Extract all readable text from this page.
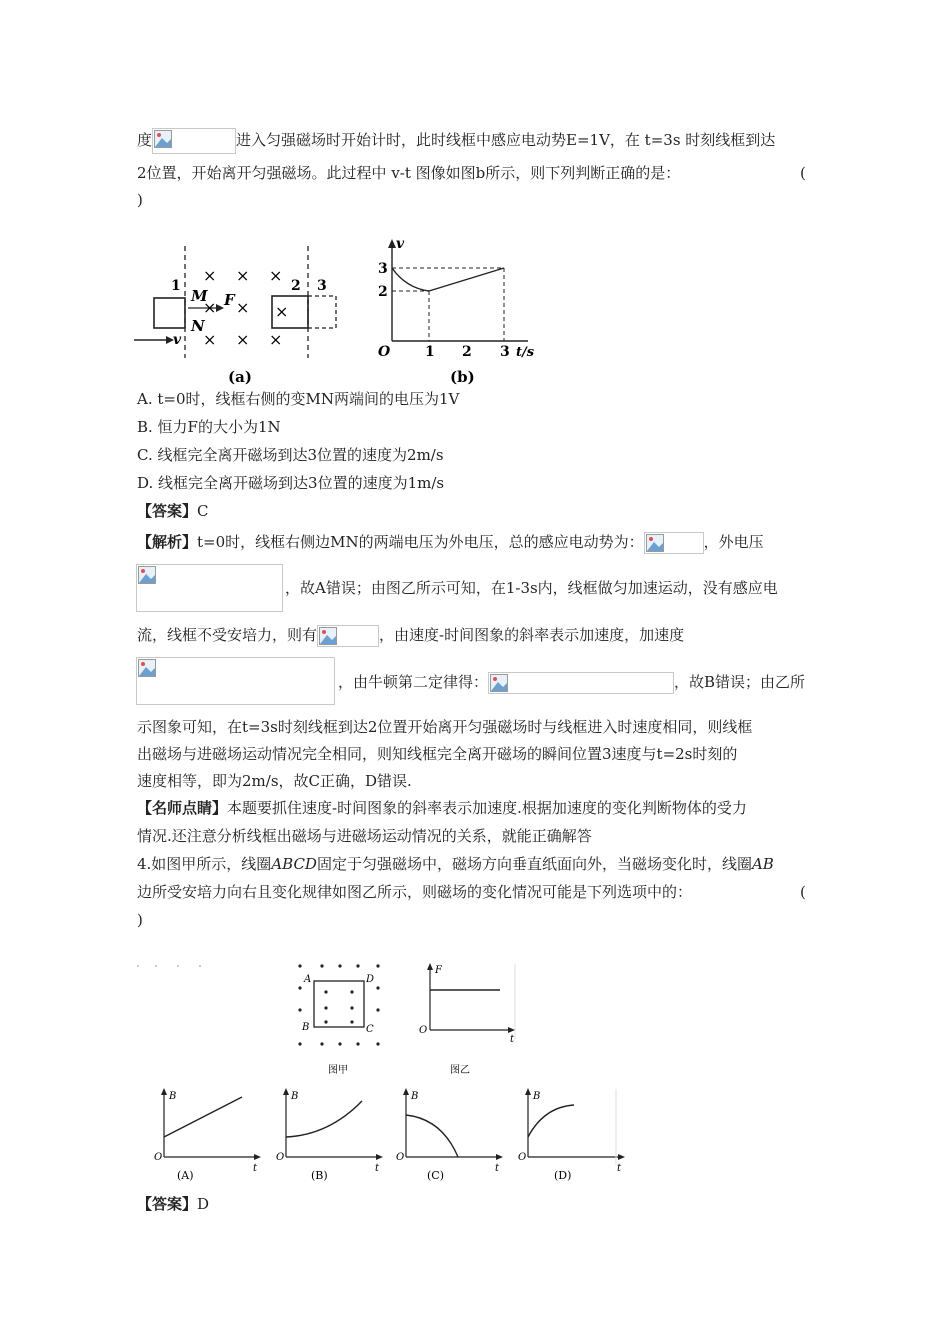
度	进入匀强磁场时开始计时，此时线框中感应电动势E=1V，在 t=3s 时刻线框到达
2位置，开始离开匀强磁场。此过程中 v-t 图像如图b所示，则下列判断正确的是：	(
)
× × ×
× × ×
× × ×
1	2 3
M
N
F
v
(a)
v
3
2
O 1 2 3 t/s
(b)
A. t=0时，线框右侧的变MN两端间的电压为1V
B. 恒力F的大小为1N
C. 线框完全离开磁场到达3位置的速度为2m/s
D. 线框完全离开磁场到达3位置的速度为1m/s
【答案】C
【解析】t=0时，线框右侧边MN的两端电压为外电压，总的感应电动势为：	，外电压
，故A错误；由图乙所示可知，在1-3s内，线框做匀加速运动，没有感应电
流，线框不受安培力，则有	，由速度-时间图象的斜率表示加速度，加速度
，由牛顿第二定律得：	，故B错误；由乙所
示图象可知，在t=3s时刻线框到达2位置开始离开匀强磁场时与线框进入时速度相同，则线框
出磁场与进磁场运动情况完全相同，则知线框完全离开磁场的瞬间位置3速度与t=2s时刻的
速度相等，即为2m/s，故C正确，D错误.
【名师点睛】本题要抓住速度-时间图象的斜率表示加速度.根据加速度的变化判断物体的受力
情况.还注意分析线框出磁场与进磁场运动情况的关系，就能正确解答
4.如图甲所示，线圈ABCD固定于匀强磁场中，磁场方向垂直纸面向外，当磁场变化时，线圈AB
边所受安培力向右且变化规律如图乙所示，则磁场的变化情况可能是下列选项中的：	(
)
A	D
B	C
图甲
F
O
t
图乙
B
O
t
(A)
B
O
t
(B)
B
O
t
(C)
B
O
t
(D)
【答案】D
